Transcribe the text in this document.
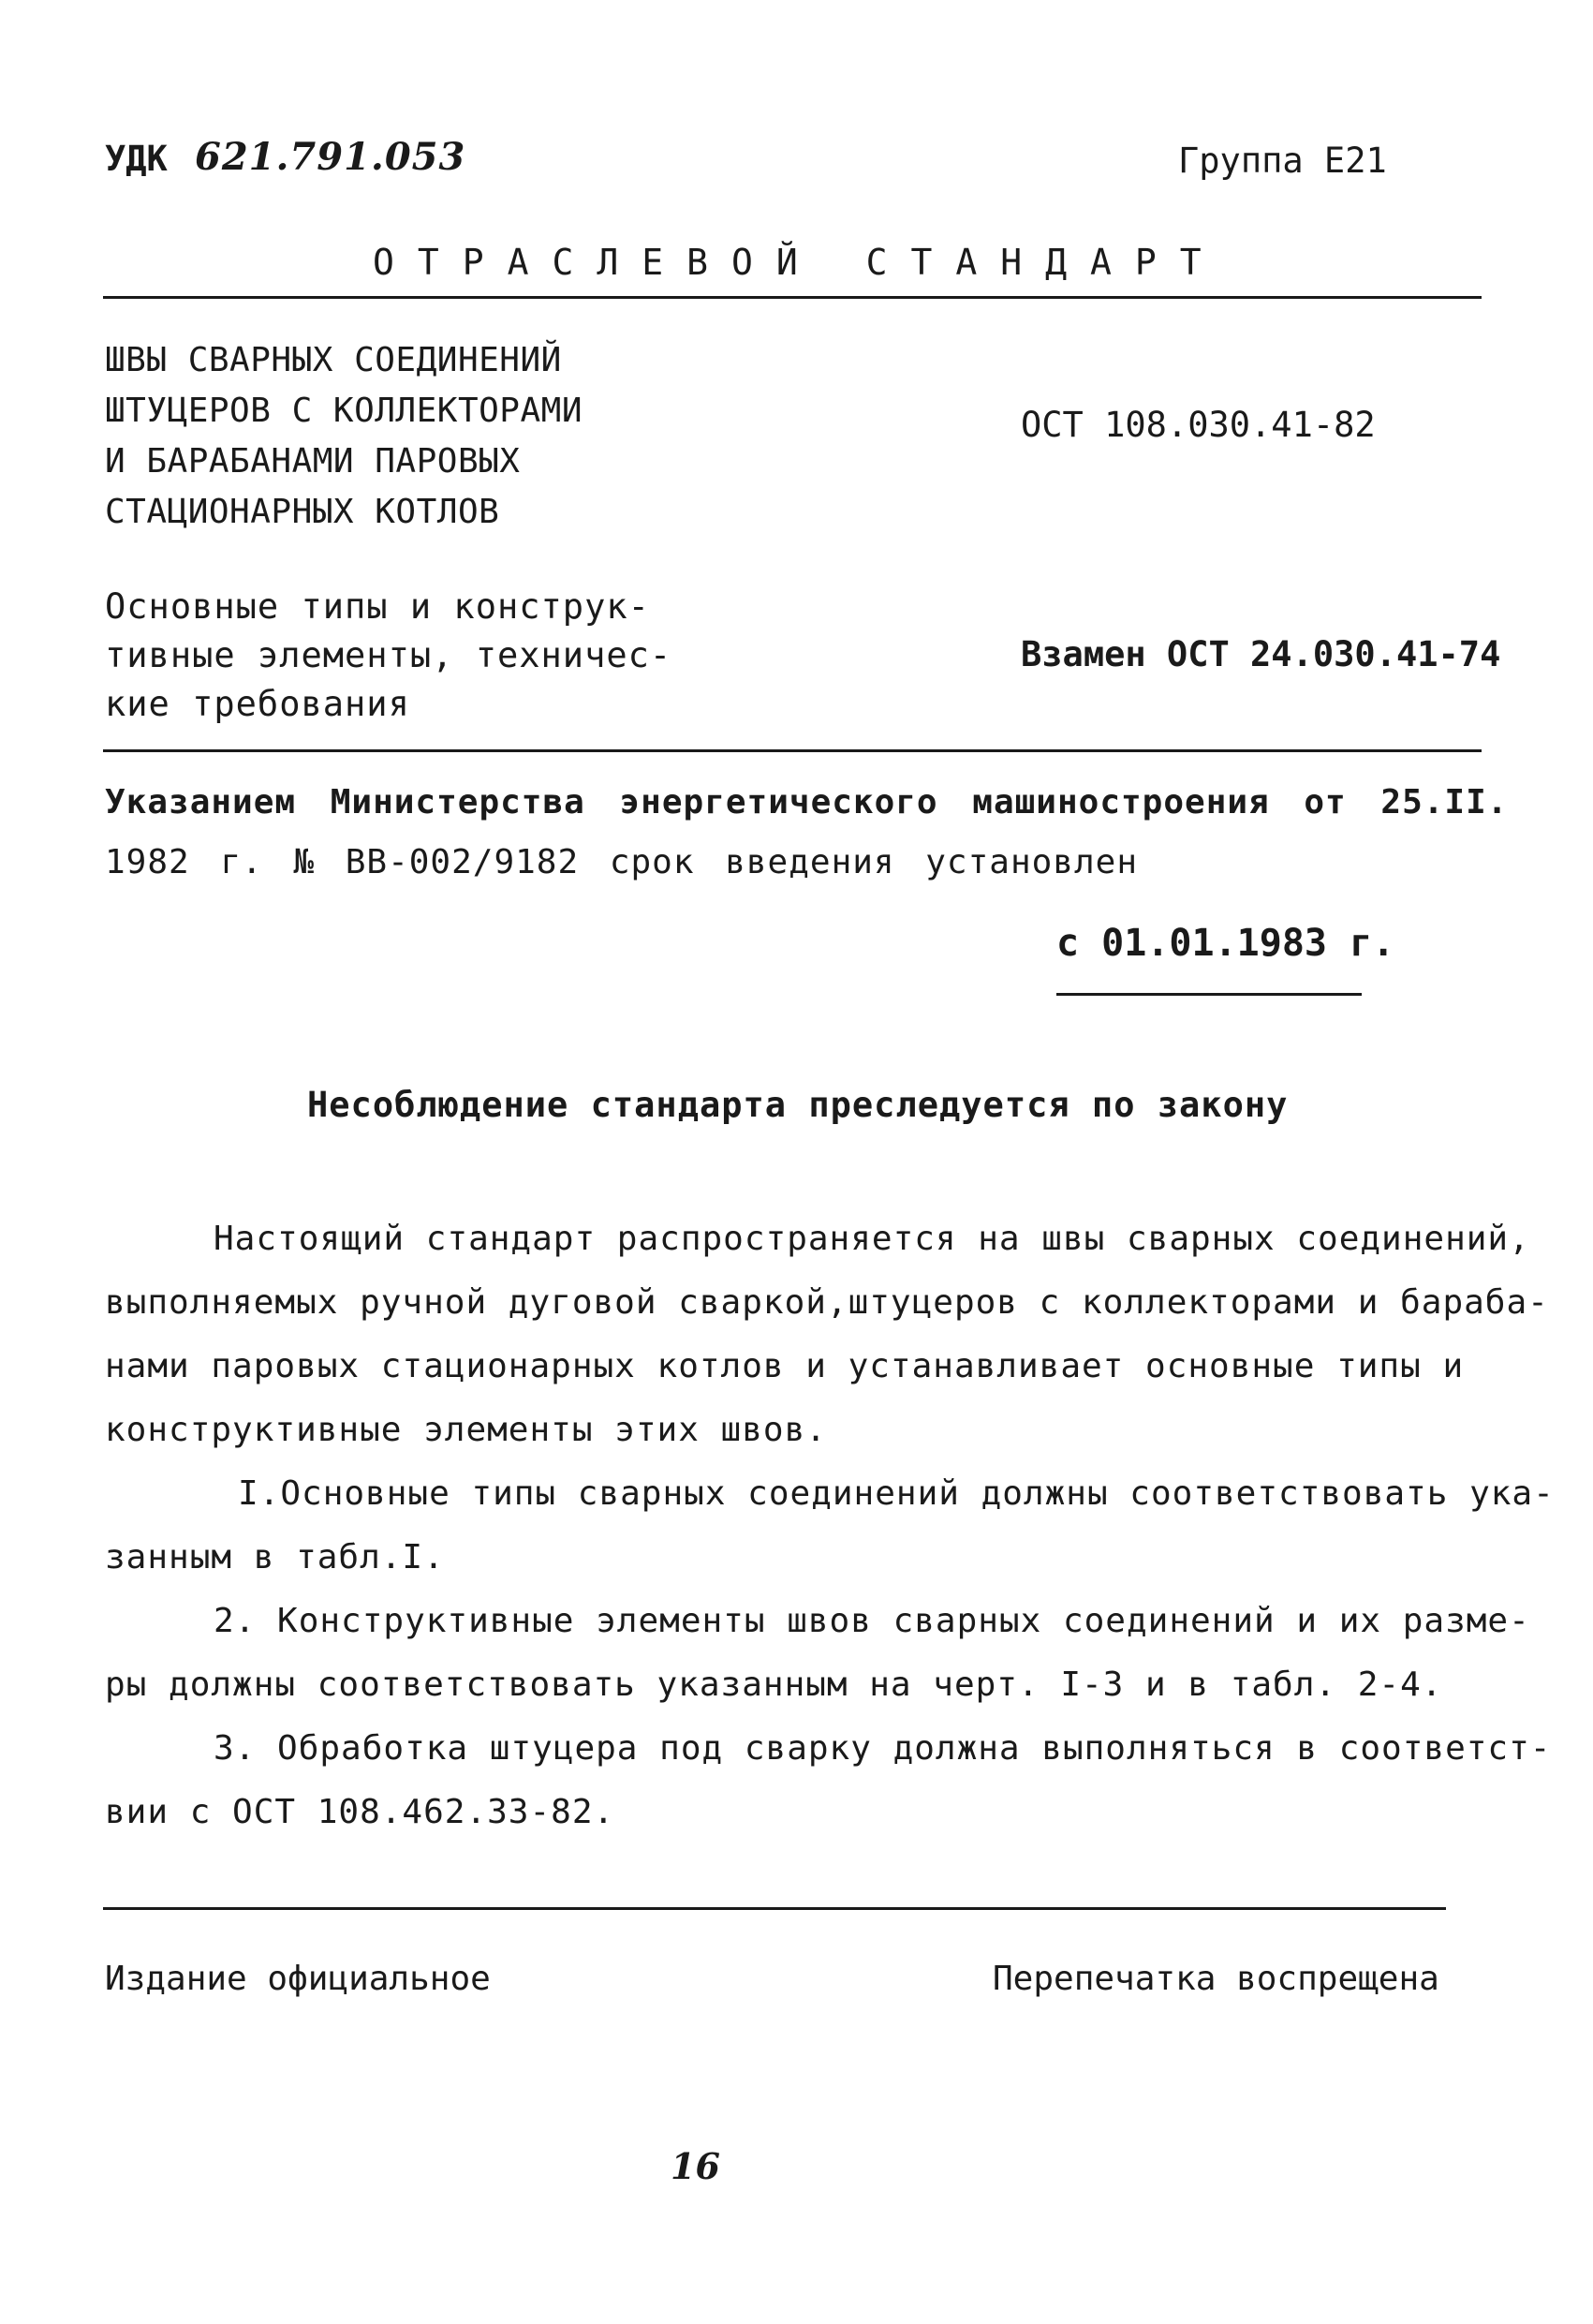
УДК 621.791.053	Группа Е21
ОТРАСЛЕВОЙ СТАНДАРТ
ШВЫ СВАРНЫХ СОЕДИНЕНИЙ
ШТУЦЕРОВ С КОЛЛЕКТОРАМИ
И БАРАБАНАМИ ПАРОВЫХ
СТАЦИОНАРНЫХ КОТЛОВ
ОСТ 108.030.41-82
Основные типы и конструк-
тивные элементы, техничес-
кие требования
Взамен ОСТ 24.030.41-74
Указанием Министерства энергетического машиностроения от 25.II.
1982 г. № ВВ-002/9182 срок введения установлен
с 01.01.1983 г.
Несоблюдение стандарта преследуется по закону
Настоящий стандарт распространяется на швы сварных соединений,
выполняемых ручной дуговой сваркой,штуцеров с коллекторами и бараба-
нами паровых стационарных котлов и устанавливает основные типы и
конструктивные элементы этих швов.
I.Основные типы сварных соединений должны соответствовать ука-
занным в табл.I.
2. Конструктивные элементы швов сварных соединений и их разме-
ры должны соответствовать указанным на черт. I-3 и в табл. 2-4.
3. Обработка штуцера под сварку должна выполняться в соответст-
вии с ОСТ 108.462.33-82.
Издание официальное	Перепечатка воспрещена
16
